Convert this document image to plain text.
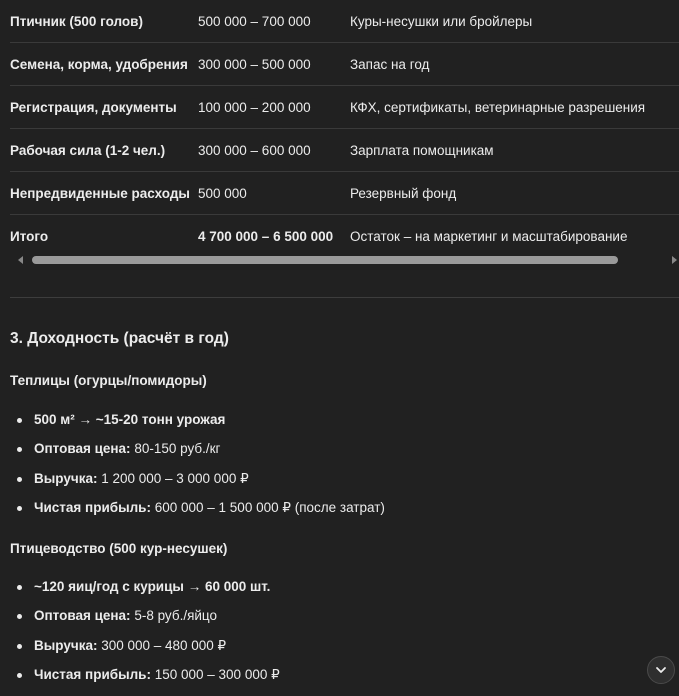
Птичник (500 голов)	500 000 – 700 000	Куры-несушки или бройлеры
Семена, корма, удобрения 300 000 – 500 000	Запас на год
Регистрация, документы 100 000 – 200 000	КФХ, сертификаты, ветеринарные разрешения
Рабочая сила (1-2 чел.) 300 000 – 600 000	Зарплата помощникам
Непредвиденные расходы 500 000	Резервный фонд
Итого	4 700 000 – 6 500 000 Остаток – на маркетинг и масштабирование
3. Доходность (расчёт в год)
Теплицы (огурцы/помидоры)
500 м² → ~15-20 тонн урожая
Оптовая цена: 80-150 руб./кг
Выручка: 1 200 000 – 3 000 000 ₽
Чистая прибыль: 600 000 – 1 500 000 ₽ (после затрат)
Птицеводство (500 кур-несушек)
~120 яиц/год с курицы → 60 000 шт.
Оптовая цена: 5-8 руб./яйцо
Выручка: 300 000 – 480 000 ₽
Чистая прибыль: 150 000 – 300 000 ₽
